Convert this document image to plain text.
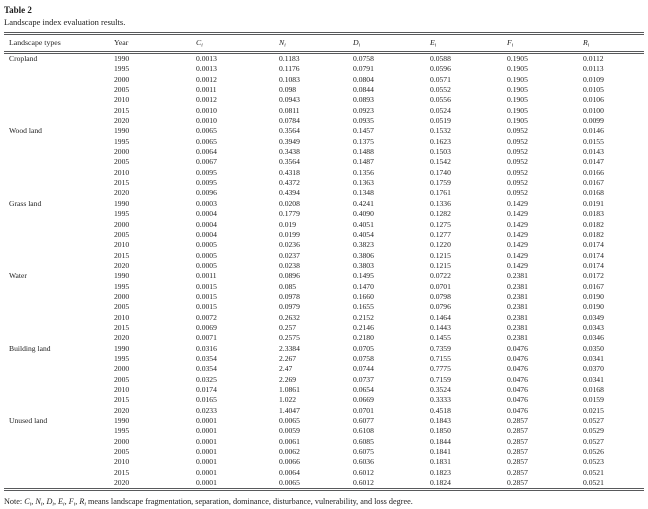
Table 2
Landscape index evaluation results.
Landscape types	Year	$C_i$	$N_i$	$D_i$	$E_i$	$F_i$	$R_i$
Cropland	1990	0.0013	0.1183	0.0758	0.0588	0.1905	0.0112
1995	0.0013	0.1176	0.0791	0.0596	0.1905	0.0113
2000	0.0012	0.1083	0.0804	0.0571	0.1905	0.0109
2005	0.0011	0.098	0.0844	0.0552	0.1905	0.0105
2010	0.0012	0.0943	0.0893	0.0556	0.1905	0.0106
2015	0.0010	0.0811	0.0923	0.0524	0.1905	0.0100
2020	0.0010	0.0784	0.0935	0.0519	0.1905	0.0099
Wood land	1990	0.0065	0.3564	0.1457	0.1532	0.0952	0.0146
1995	0.0065	0.3949	0.1375	0.1623	0.0952	0.0155
2000	0.0064	0.3438	0.1488	0.1503	0.0952	0.0143
2005	0.0067	0.3564	0.1487	0.1542	0.0952	0.0147
2010	0.0095	0.4318	0.1356	0.1740	0.0952	0.0166
2015	0.0095	0.4372	0.1363	0.1759	0.0952	0.0167
2020	0.0096	0.4394	0.1348	0.1761	0.0952	0.0168
Grass land	1990	0.0003	0.0208	0.4241	0.1336	0.1429	0.0191
1995	0.0004	0.1779	0.4090	0.1282	0.1429	0.0183
2000	0.0004	0.019	0.4051	0.1275	0.1429	0.0182
2005	0.0004	0.0199	0.4054	0.1277	0.1429	0.0182
2010	0.0005	0.0236	0.3823	0.1220	0.1429	0.0174
2015	0.0005	0.0237	0.3806	0.1215	0.1429	0.0174
2020	0.0005	0.0238	0.3803	0.1215	0.1429	0.0174
Water	1990	0.0011	0.0896	0.1495	0.0722	0.2381	0.0172
1995	0.0015	0.085	0.1470	0.0701	0.2381	0.0167
2000	0.0015	0.0978	0.1660	0.0798	0.2381	0.0190
2005	0.0015	0.0979	0.1655	0.0796	0.2381	0.0190
2010	0.0072	0.2632	0.2152	0.1464	0.2381	0.0349
2015	0.0069	0.257	0.2146	0.1443	0.2381	0.0343
2020	0.0071	0.2575	0.2180	0.1455	0.2381	0.0346
Building land	1990	0.0316	2.3384	0.0705	0.7359	0.0476	0.0350
1995	0.0354	2.267	0.0758	0.7155	0.0476	0.0341
2000	0.0354	2.47	0.0744	0.7775	0.0476	0.0370
2005	0.0325	2.269	0.0737	0.7159	0.0476	0.0341
2010	0.0174	1.0861	0.0654	0.3524	0.0476	0.0168
2015	0.0165	1.022	0.0669	0.3333	0.0476	0.0159
2020	0.0233	1.4047	0.0701	0.4518	0.0476	0.0215
Unused land	1990	0.0001	0.0065	0.6077	0.1843	0.2857	0.0527
1995	0.0001	0.0059	0.6108	0.1850	0.2857	0.0529
2000	0.0001	0.0061	0.6085	0.1844	0.2857	0.0527
2005	0.0001	0.0062	0.6075	0.1841	0.2857	0.0526
2010	0.0001	0.0066	0.6036	0.1831	0.2857	0.0523
2015	0.0001	0.0064	0.6012	0.1823	0.2857	0.0521
2020	0.0001	0.0065	0.6012	0.1824	0.2857	0.0521
Note: $C_i$, $N_i$, $D_i$, $E_i$, $F_i$, $R_i$ means landscape fragmentation, separation, dominance, disturbance, vulnerability, and loss degree.
